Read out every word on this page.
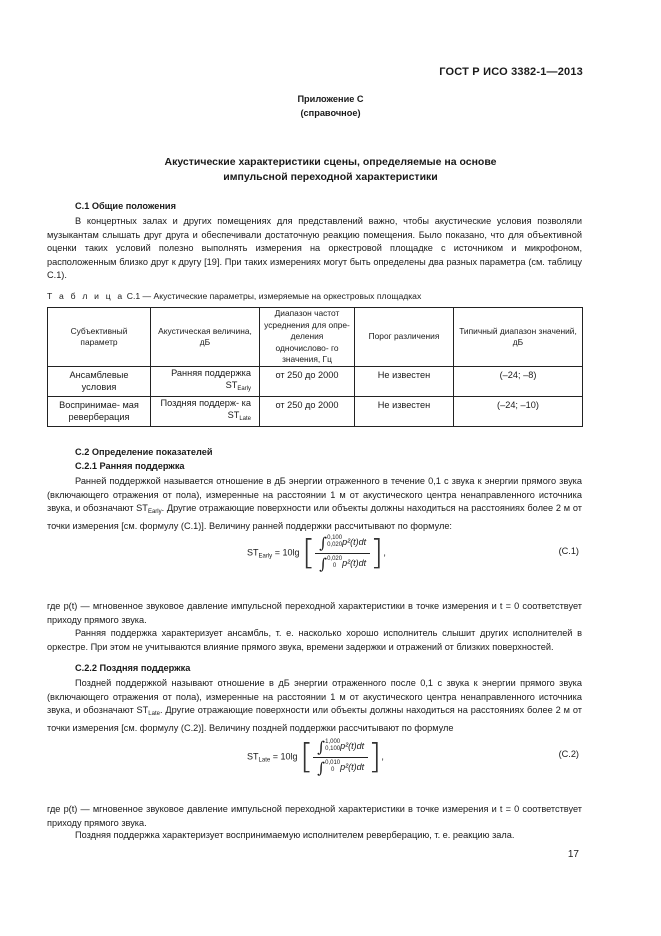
ГОСТ Р ИСО 3382-1—2013
Приложение С
(справочное)
Акустические характеристики сцены, определяемые на основе
импульсной переходной характеристики
С.1 Общие положения
В концертных залах и других помещениях для представлений важно, чтобы акустические условия позволяли музыкантам слышать друг друга и обеспечивали достаточную реакцию помещения. Было показано, что для объективной оценки таких условий полезно выполнять измерения на оркестровой площадке с источником и микрофоном, расположенным близко друг к другу [19]. При таких измерениях могут быть определены два разных параметра (см. таблицу С.1).
Т а б л и ц а С.1 — Акустические параметры, измеряемые на оркестровых площадках
Субъективный параметр	Акустическая величина, дБ	Диапазон частот усреднения для опре- деления одночислово- го значения, Гц	Порог различения	Типичный диапазон значений, дБ
Ансамблевые условия	Ранняя поддержка $ST_{Early}$	от 250 до 2000	Не известен	(–24; –8)
Воспринимае- мая реверберация	Поздняя поддерж- ка $ST_{Late}$	от 250 до 2000	Не известен	(–24; –10)
С.2 Определение показателей
С.2.1 Ранняя поддержка
Ранней поддержкой называется отношение в дБ энергии отраженного в течение 0,1 с звука к энергии прямого звука (включающего отражения от пола), измеренные на расстоянии 1 м от акустического центра ненаправленного источника звука, и обозначают $ST_{Early}$. Другие отражающие поверхности или объекты должны находиться на расстояниях более 2 м от точки измерения [см. формулу (С.1)]. Величину ранней поддержки рассчитывают по формуле:
$ST_{Early} = 10\lg$ [ ∫0,100
0,020p²(t)dt
∫0,020
0 p²(t)dt ],	(С.1)
где p(t) — мгновенное звуковое давление импульсной переходной характеристики в точке измерения и t = 0 соответствует приходу прямого звука.
Ранняя поддержка характеризует ансамбль, т. е. насколько хорошо исполнитель слышит других исполнителей в оркестре. При этом не учитываются влияние прямого звука, времени задержки и отражений от близких поверхностей.
С.2.2 Поздняя поддержка
Поздней поддержкой называют отношение в дБ энергии отраженного после 0,1 с звука к энергии прямого звука (включающего отражения от пола), измеренные на расстоянии 1 м от акустического центра ненаправленного источника звука, и обозначают $ST_{Late}$. Другие отражающие поверхности или объекты должны находиться на расстояниях более 2 м от точки измерения [см. формулу (С.2)]. Величину поздней поддержки рассчитывают по формуле
$ST_{Late} = 10\lg$ [ ∫1,000
0,100p²(t)dt
∫0,010
0 p²(t)dt ],	(С.2)
где p(t) — мгновенное звуковое давление импульсной переходной характеристики в точке измерения и t = 0 соответствует приходу прямого звука.
Поздняя поддержка характеризует воспринимаемую исполнителем реверберацию, т. е. реакцию зала.
17
